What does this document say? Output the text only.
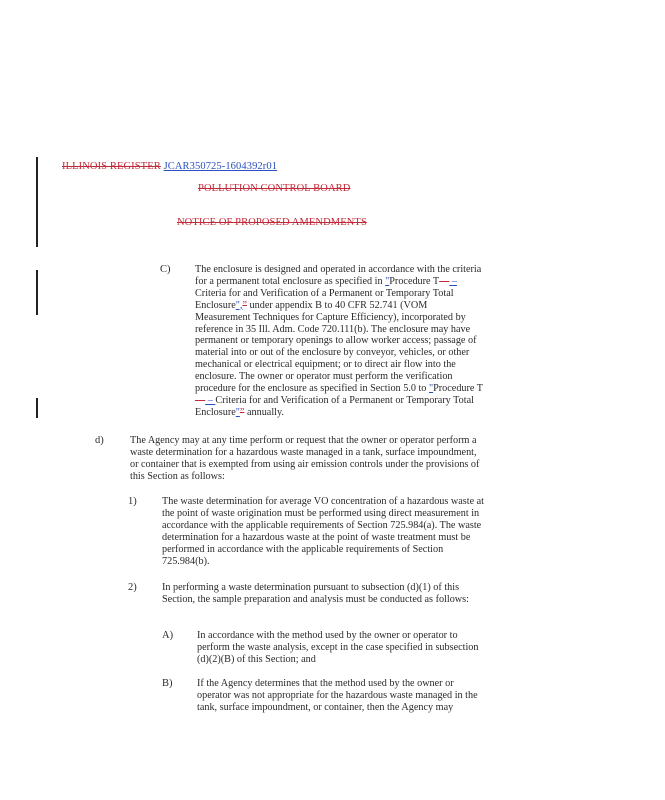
ILLINOIS REGISTER JCAR350725-1604392r01
POLLUTION CONTROL BOARD
NOTICE OF PROPOSED AMENDMENTS
C) The enclosure is designed and operated in accordance with the criteria for a permanent total enclosure as specified in "Procedure T— – Criteria for and Verification of a Permanent or Temporary Total Enclosure",” under appendix B to 40 CFR 52.741 (VOM Measurement Techniques for Capture Efficiency), incorporated by reference in 35 Ill. Adm. Code 720.111(b). The enclosure may have permanent or temporary openings to allow worker access; passage of material into or out of the enclosure by conveyor, vehicles, or other mechanical or electrical equipment; or to direct air flow into the enclosure. The owner or operator must perform the verification procedure for the enclosure as specified in Section 5.0 to "Procedure T— – Criteria for and Verification of a Permanent or Temporary Total Enclosure"” annually.

d)	The Agency may at any time perform or request that the owner or operator perform a waste determination for a hazardous waste managed in a tank, surface impoundment, or container that is exempted from using air emission controls under the provisions of this Section as follows:

1) The waste determination for average VO concentration of a hazardous waste at the point of waste origination must be performed using direct measurement in accordance with the applicable requirements of Section 725.984(a). The waste determination for a hazardous waste at the point of waste treatment must be performed in accordance with the applicable requirements of Section 725.984(b).

2) In performing a waste determination pursuant to subsection (d)(1) of this Section, the sample preparation and analysis must be conducted as follows:

A) In accordance with the method used by the owner or operator to perform the waste analysis, except in the case specified in subsection (d)(2)(B) of this Section; and

B) If the Agency determines that the method used by the owner or operator was not appropriate for the hazardous waste managed in the tank, surface impoundment, or container, then the Agency may
